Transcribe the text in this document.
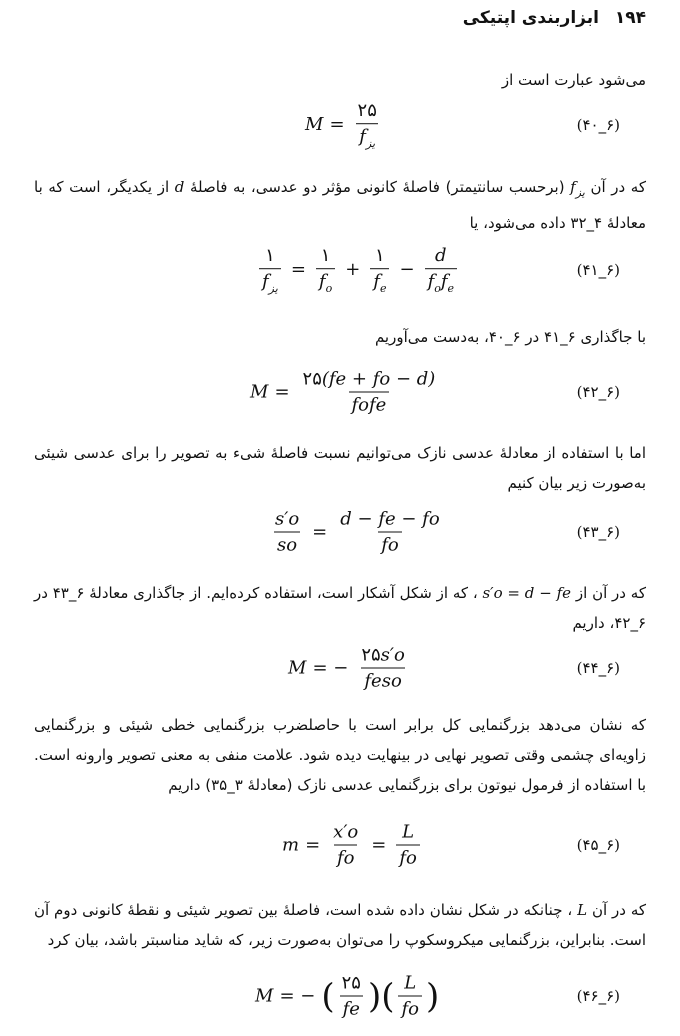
۱۹۴ ابزاربندی اپتیکی
می‌شود عبارت است از
$M = \frac{۲۵}{f_{یز}}$	(۶_۴۰)
که در آن $f_{یز}$ (برحسب سانتیمتر) فاصلهٔ کانونی مؤثر دو عدسی، به فاصلهٔ d از یکدیگر، است که با معادلهٔ ۴_۳۲ داده می‌شود، یا
$\frac{۱}{f_{یز}} = \frac{۱}{f_o} + \frac{۱}{f_e} - \frac{d}{f_of_e}$	(۶_۴۱)
با جاگذاری ۶_۴۱ در ۶_۴۰، به‌دست می‌آوریم
$M = \frac{۲۵(fe + fo - d)}{\text{fofe}}$	(۶_۴۲)
اما با استفاده از معادلهٔ عدسی نازک می‌توانیم نسبت فاصلهٔ شیء به تصویر را برای عدسی شیئی به‌صورت زیر بیان کنیم
$\frac{s'o}{so} = \frac{d - fe - fo}{fo}$	(۶_۴۳)
که در آن از s′o = d − fe ، که از شکل آشکار است، استفاده کرده‌ایم. از جاگذاری معادلهٔ ۶_۴۳ در ۶_۴۲، داریم
M = − $\frac{۲۵s'o}{\text{feso}}$	(۶_۴۴)
که نشان می‌دهد بزرگنمایی کل برابر است با حاصلضرب بزرگنمایی خطی شیئی و بزرگنمایی زاویه‌ای چشمی وقتی تصویر نهایی در بینهایت دیده شود. علامت منفی به معنی تصویر وارونه است. با استفاده از فرمول نیوتون برای بزرگنمایی عدسی نازک (معادلهٔ ۳_۳۵) داریم
$m = \frac{x'o}{fo} = \frac{L}{fo}$	(۶_۴۵)
که در آن L ، چنانکه در شکل نشان داده شده است، فاصلهٔ بین تصویر شیئی و نقطهٔ کانونی دوم آن است. بنابراین، بزرگنمایی میکروسکوپ را می‌توان به‌صورت زیر، که شاید مناسبتر باشد، بیان کرد
M = − ( $\frac{۲۵}{fe}$ ) ( $\frac{L}{fo}$ )	(۶_۴۶)
